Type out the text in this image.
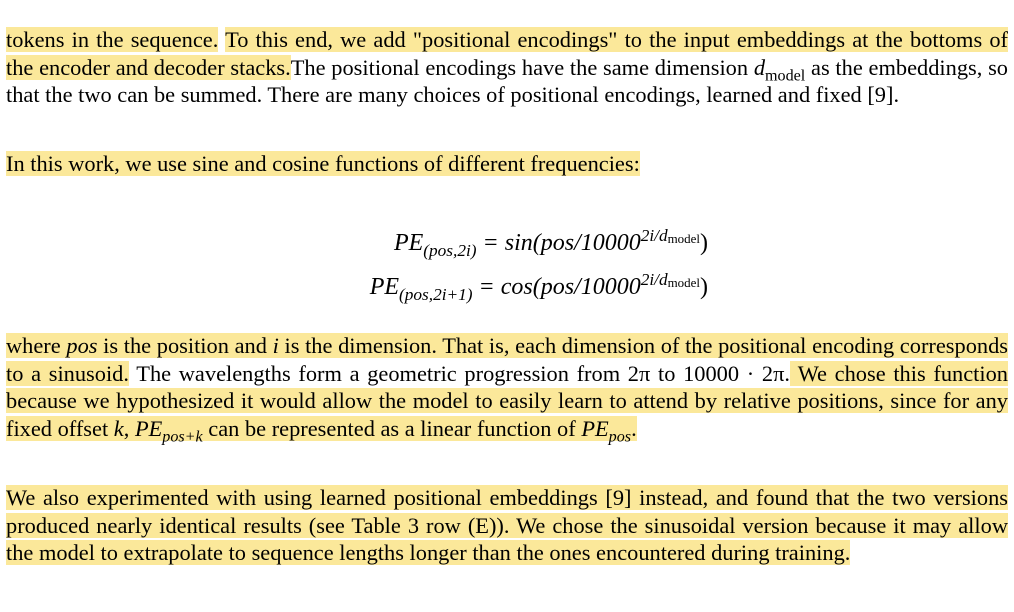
tokens in the sequence. To this end, we add "positional encodings" to the input embeddings at the bottoms of the encoder and decoder stacks.The positional encodings have the same dimension $d_{model}$ as the embeddings, so that the two can be summed. There are many choices of positional encodings, learned and fixed [9].

In this work, we use sine and cosine functions of different frequencies:

$PE_{(pos,2i)} = \sin(pos/10000^{2i/dmodel})$
$PE_{(pos,2i+1)} = \cos(pos/10000^{2i/dmodel})$

where pos is the position and i is the dimension. That is, each dimension of the positional encoding corresponds to a sinusoid. The wavelengths form a geometric progression from 2π to 10000 · 2π. We chose this function because we hypothesized it would allow the model to easily learn to attend by relative positions, since for any fixed offset k, $PE_{pos+k}$ can be represented as a linear function of $PE_{pos}$.

We also experimented with using learned positional embeddings [9] instead, and found that the two versions produced nearly identical results (see Table 3 row (E)). We chose the sinusoidal version because it may allow the model to extrapolate to sequence lengths longer than the ones encountered during training.
